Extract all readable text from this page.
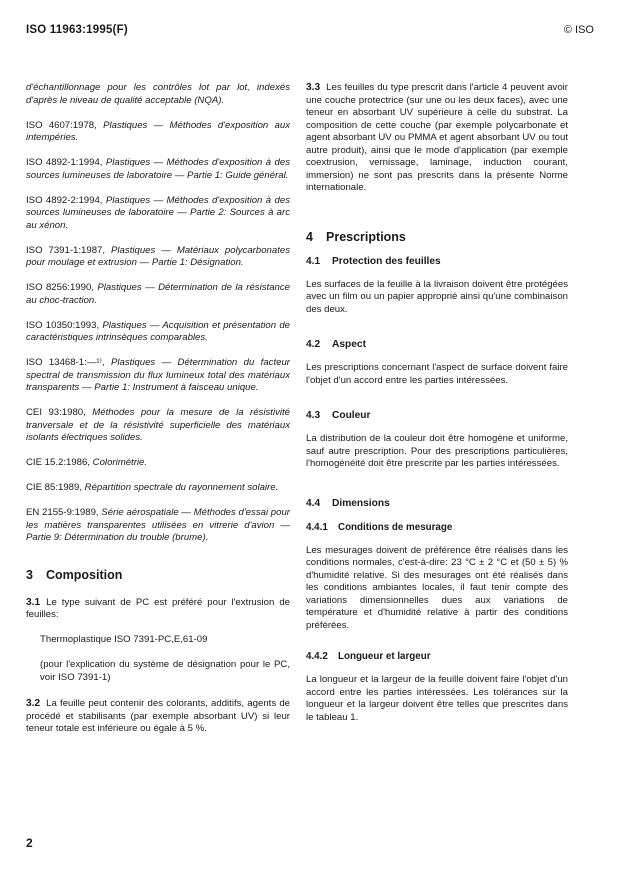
ISO 11963:1995(F)	© ISO

d'échantillonnage pour les contrôles lot par lot, indexés d'après le niveau de qualité acceptable (NQA).

ISO 4607:1978, Plastiques — Méthodes d'exposition aux intempéries.

ISO 4892-1:1994, Plastiques — Méthodes d'exposition à des sources lumineuses de laboratoire — Partie 1: Guide général.

ISO 4892-2:1994, Plastiques — Méthodes d'exposition à des sources lumineuses de laboratoire — Partie 2: Sources à arc au xénon.

ISO 7391-1:1987, Plastiques — Matériaux polycarbonates pour moulage et extrusion — Partie 1: Désignation.

ISO 8256:1990, Plastiques — Détermination de la résistance au choc-traction.

ISO 10350:1993, Plastiques — Acquisition et présentation de caractéristiques intrinsèques comparables.

ISO 13468-1:—¹⁾, Plastiques — Détermination du facteur spectral de transmission du flux lumineux total des matériaux transparents — Partie 1: Instrument à faisceau unique.

CEI 93:1980, Méthodes pour la mesure de la résistivité tranversale et de la résistivité superficielle des matériaux isolants électriques solides.

CIE 15.2:1986, Colorimétrie.

CIE 85:1989, Répartition spectrale du rayonnement solaire.

EN 2155-9:1989, Série aérospatiale — Méthodes d'essai pour les matières transparentes utilisées en vitrerie d'avion — Partie 9: Détermination du trouble (brume).

3 Composition

3.1 Le type suivant de PC est préféré pour l'extrusion de feuilles:

Thermoplastique ISO 7391-PC,E,61-09

(pour l'explication du système de désignation pour le PC, voir ISO 7391-1)

3.2 La feuille peut contenir des colorants, additifs, agents de procédé et stabilisants (par exemple absorbant UV) si leur teneur totale est inférieure ou égale à 5 %.

3.3 Les feuilles du type prescrit dans l'article 4 peuvent avoir une couche protectrice (sur une ou les deux faces), avec une teneur en absorbant UV supérieure à celle du substrat. La composition de cette couche (par exemple polycarbonate et agent absorbant UV ou PMMA et agent absorbant UV ou tout autre produit), ainsi que le mode d'application (par exemple coextrusion, vernissage, laminage, induction courant, immersion) ne sont pas prescrits dans la présente Norme internationale.

4 Prescriptions
4.1 Protection des feuilles

Les surfaces de la feuille à la livraison doivent être protégées avec un film ou un papier approprié ainsi qu'une combinaison des deux.

4.2 Aspect

Les prescriptions concernant l'aspect de surface doivent faire l'objet d'un accord entre les parties intéressées.

4.3 Couleur

La distribution de la couleur doit être homogène et uniforme, sauf autre prescription. Pour des prescriptions particulières, l'homogénéité doit être prescrite par les parties intéressées.

4.4 Dimensions
4.4.1 Conditions de mesurage

Les mesurages doivent de préférence être réalisés dans les conditions normales, c'est-à-dire: 23 °C ± 2 °C et (50 ± 5) % d'humidité relative. Si des mesurages ont été réalisés dans les conditions ambiantes locales, il faut tenir compte des variations dimensionnelles dues aux variations de température et d'humidité relative à partir des conditions préférées.

4.4.2 Longueur et largeur

La longueur et la largeur de la feuille doivent faire l'objet d'un accord entre les parties intéressées. Les tolérances sur la longueur et la largeur doivent être telles que prescrites dans le tableau 1.

2
